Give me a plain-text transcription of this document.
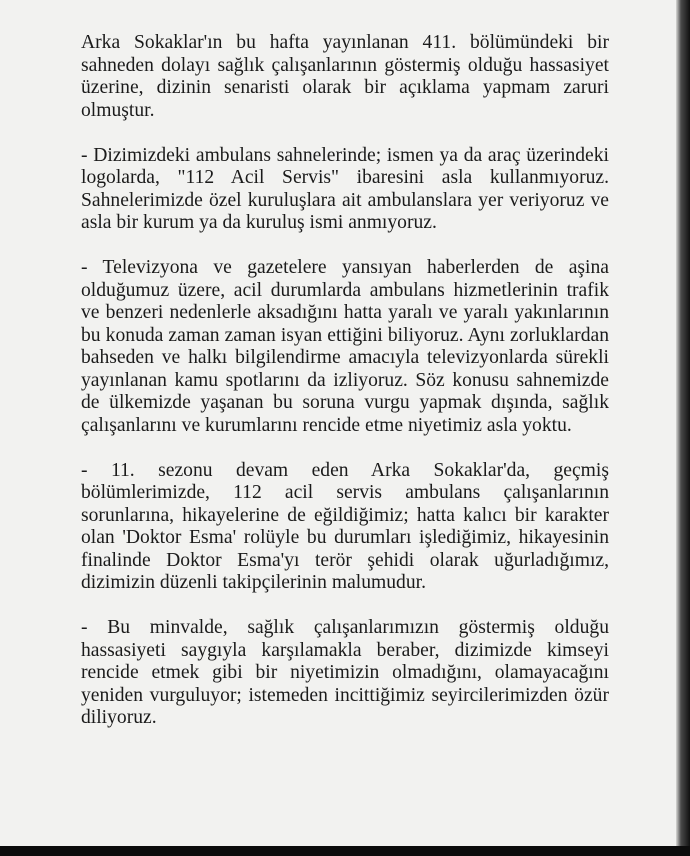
Arka Sokaklar'ın bu hafta yayınlanan 411. bölümündeki bir sahneden dolayı sağlık çalışanlarının göstermiş olduğu hassasiyet üzerine, dizinin senaristi olarak bir açıklama yapmam zaruri olmuştur.

- Dizimizdeki ambulans sahnelerinde; ismen ya da araç üzerindeki logolarda, "112 Acil Servis" ibaresini asla kullanmıyoruz. Sahnelerimizde özel kuruluşlara ait ambulanslara yer veriyoruz ve asla bir kurum ya da kuruluş ismi anmıyoruz.

- Televizyona ve gazetelere yansıyan haberlerden de aşina olduğumuz üzere, acil durumlarda ambulans hizmetlerinin trafik ve benzeri nedenlerle aksadığını hatta yaralı ve yaralı yakınlarının bu konuda zaman zaman isyan ettiğini biliyoruz. Aynı zorluklardan bahseden ve halkı bilgilendirme amacıyla televizyonlarda sürekli yayınlanan kamu spotlarını da izliyoruz. Söz konusu sahnemizde de ülkemizde yaşanan bu soruna vurgu yapmak dışında, sağlık çalışanlarını ve kurumlarını rencide etme niyetimiz asla yoktu.

- 11. sezonu devam eden Arka Sokaklar'da, geçmiş bölümlerimizde, 112 acil servis ambulans çalışanlarının sorunlarına, hikayelerine de eğildiğimiz; hatta kalıcı bir karakter olan 'Doktor Esma' rolüyle bu durumları işlediğimiz, hikayesinin finalinde Doktor Esma'yı terör şehidi olarak uğurladığımız, dizimizin düzenli takipçilerinin malumudur.

- Bu minvalde, sağlık çalışanlarımızın göstermiş olduğu hassasiyeti saygıyla karşılamakla beraber, dizimizde kimseyi rencide etmek gibi bir niyetimizin olmadığını, olamayacağını yeniden vurguluyor; istemeden incittiğimiz seyircilerimizden özür diliyoruz.
